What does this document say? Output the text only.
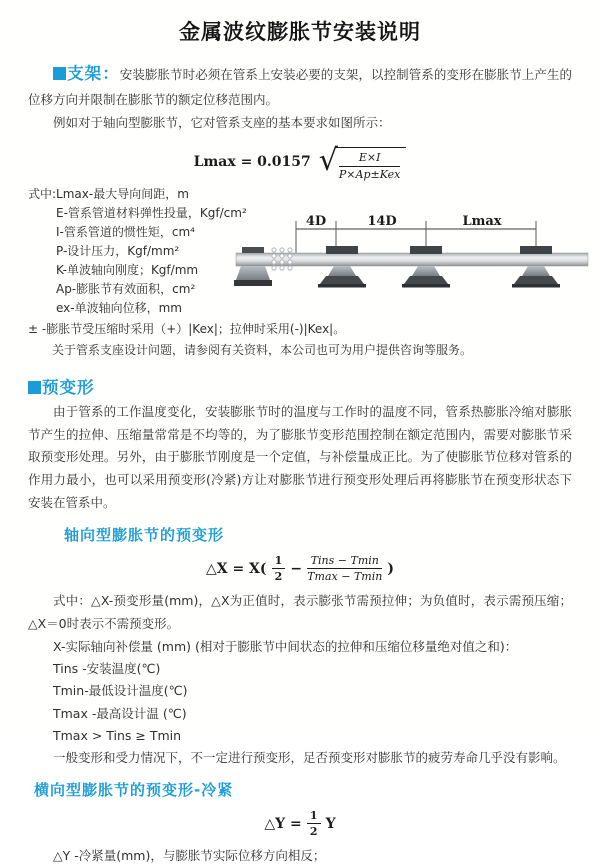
金属波纹膨胀节安装说明

支架：安装膨胀节时必须在管系上安装必要的支架，以控制管系的变形在膨胀节上产生的位移方向并限制在膨胀节的额定位移范围内。

例如对于轴向型膨胀节，它对管系支座的基本要求如图所示：

Lmax = 0.0157 √ $\frac{E\times I}{\text{P×Ap±Kex}}$
式中:Lmax-最大导向间距，m
E-管系管道材料弹性投量，Kgf/cm²
I-管系管道的惯性矩，cm⁴
P-设计压力，Kgf/mm²
K-单波轴向刚度；Kgf/mm
Ap-膨胀节有效面积，cm²
ex-单波轴向位移，mm
4D	14D	Lmax
± -膨胀节受压缩时采用（+）|Kex|；拉伸时采用(-)|Kex|。
关于管系支座设计问题，请参阅有关资料，本公司也可为用户提供咨询等服务。
预变形

由于管系的工作温度变化，安装膨胀节时的温度与工作时的温度不同，管系热膨胀冷缩对膨胀节产生的拉伸、压缩量常常是不均等的，为了膨胀节变形范围控制在额定范围内，需要对膨胀节采取预变形处理。另外，由于膨胀节刚度是一个定值，与补偿量成正比。为了使膨胀节位移对管系的作用力最小，也可以采用预变形(冷紧)方让对膨胀节进行预变形处理后再将膨胀节在预变形状态下安装在管系中。

轴向型膨胀节的预变形
△X = $X( \frac{1}{2} - \frac{\text{Tins − Tmin}}{Tmax - Tmin}$ )

式中：△X-预变形量(mm)，△X为正值时，表示膨张节需预拉伸；为负值时，表示需预压缩；△X＝0时表示不需预变形。

X-实际轴向补偿量 (mm) (相对于膨胀节中间状态的拉伸和压缩位移量绝对值之和)：
Tins -安装温度(℃)
Tmin-最低设计温度(℃)
Tmax -最高设计温 (℃)
Tmax > Tins ≥ Tmin

一般变形和受力情况下，不一定进行预变形，足否预变形对膨胀节的疲劳寿命几乎没有影响。

横向型膨胀节的预变形-冷紧
△Y = $\frac{1}{2}$ Y
△Y -冷紧量(mm)，与膨胀节实际位移方向相反；
